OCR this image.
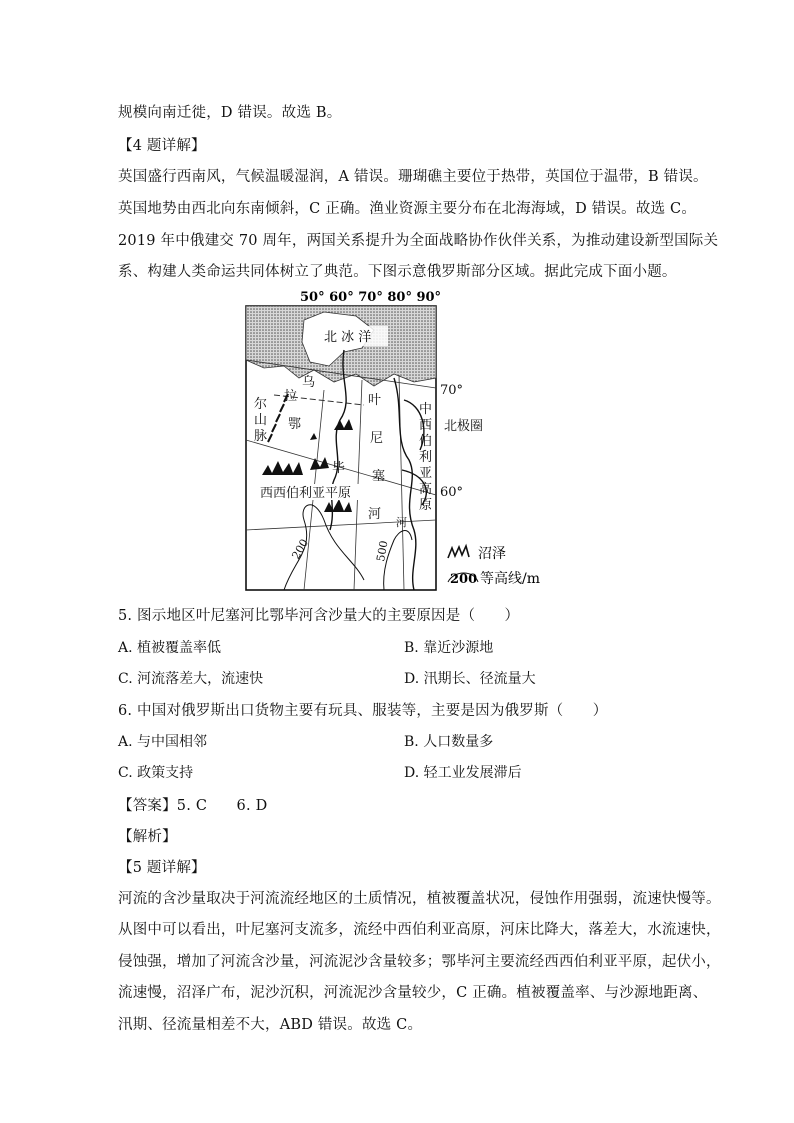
规模向南迁徙，D 错误。故选 B。
【4 题详解】
英国盛行西南风，气候温暖湿润，A 错误。珊瑚礁主要位于热带，英国位于温带，B 错误。
英国地势由西北向东南倾斜，C 正确。渔业资源主要分布在北海海域，D 错误。故选 C。
2019 年中俄建交 70 周年，两国关系提升为全面战略协作伙伴关系，为推动建设新型国际关
系、构建人类命运共同体树立了典范。下图示意俄罗斯部分区域。据此完成下面小题。
50° 60° 70° 80° 90°
北 冰 洋
70°
60°
北极圈
乌
拉
尔
山
脉
鄂
毕
叶
尼
塞
河
中
西
伯
利
亚
高
原
西西伯利亚平原
河
200	500	沼泽
200 等高线/m
5. 图示地区叶尼塞河比鄂毕河含沙量大的主要原因是（　　）
A. 植被覆盖率低	B. 靠近沙源地
C. 河流落差大，流速快	D. 汛期长、径流量大
6. 中国对俄罗斯出口货物主要有玩具、服装等，主要是因为俄罗斯（　　）
A. 与中国相邻	B. 人口数量多
C. 政策支持	D. 轻工业发展滞后
【答案】5. C　　6. D
【解析】
【5 题详解】
河流的含沙量取决于河流流经地区的土质情况，植被覆盖状况，侵蚀作用强弱，流速快慢等。
从图中可以看出，叶尼塞河支流多，流经中西伯利亚高原，河床比降大，落差大，水流速快，
侵蚀强，增加了河流含沙量，河流泥沙含量较多；鄂毕河主要流经西西伯利亚平原，起伏小，
流速慢，沼泽广布，泥沙沉积，河流泥沙含量较少，C 正确。植被覆盖率、与沙源地距离、
汛期、径流量相差不大，ABD 错误。故选 C。
